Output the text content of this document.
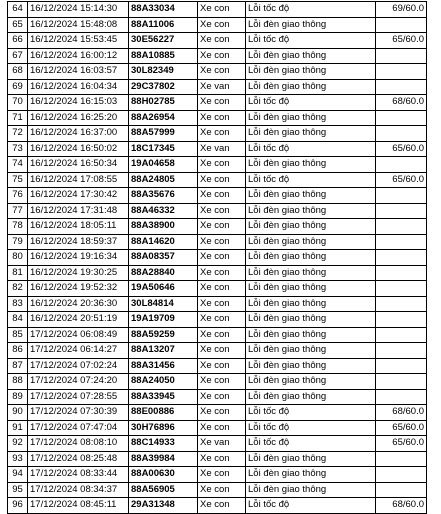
64	16/12/2024 15:14:30	88A33034	Xe con	Lỗi tốc độ	69/60.0
65	16/12/2024 15:48:08	88A11006	Xe con	Lỗi đèn giao thông	
66	16/12/2024 15:53:45	30E56227	Xe con	Lỗi tốc độ	65/60.0
67	16/12/2024 16:00:12	88A10885	Xe con	Lỗi đèn giao thông	
68	16/12/2024 16:03:57	30L82349	Xe con	Lỗi đèn giao thông	
69	16/12/2024 16:04:34	29C37802	Xe van	Lỗi đèn giao thông	
70	16/12/2024 16:15:03	88H02785	Xe con	Lỗi tốc độ	68/60.0
71	16/12/2024 16:25:20	88A26954	Xe con	Lỗi đèn giao thông	
72	16/12/2024 16:37:00	88A57999	Xe con	Lỗi đèn giao thông	
73	16/12/2024 16:50:02	18C17345	Xe van	Lỗi tốc độ	65/60.0
74	16/12/2024 16:50:34	19A04658	Xe con	Lỗi đèn giao thông	
75	16/12/2024 17:08:55	88A24805	Xe con	Lỗi tốc độ	65/60.0
76	16/12/2024 17:30:42	88A35676	Xe con	Lỗi đèn giao thông	
77	16/12/2024 17:31:48	88A46332	Xe con	Lỗi đèn giao thông	
78	16/12/2024 18:05:11	88A38900	Xe con	Lỗi đèn giao thông	
79	16/12/2024 18:59:37	88A14620	Xe con	Lỗi đèn giao thông	
80	16/12/2024 19:16:34	88A08357	Xe con	Lỗi đèn giao thông	
81	16/12/2024 19:30:25	88A28840	Xe con	Lỗi đèn giao thông	
82	16/12/2024 19:52:32	19A50646	Xe con	Lỗi đèn giao thông	
83	16/12/2024 20:36:30	30L84814	Xe con	Lỗi đèn giao thông	
84	16/12/2024 20:51:19	19A19709	Xe con	Lỗi đèn giao thông	
85	17/12/2024 06:08:49	88A59259	Xe con	Lỗi đèn giao thông	
86	17/12/2024 06:14:27	88A13207	Xe con	Lỗi đèn giao thông	
87	17/12/2024 07:02:24	88A31456	Xe con	Lỗi đèn giao thông	
88	17/12/2024 07:24:20	88A24050	Xe con	Lỗi đèn giao thông	
89	17/12/2024 07:28:55	88A33945	Xe con	Lỗi đèn giao thông	
90	17/12/2024 07:30:39	88E00886	Xe con	Lỗi tốc độ	68/60.0
91	17/12/2024 07:47:04	30H76896	Xe con	Lỗi tốc độ	65/60.0
92	17/12/2024 08:08:10	88C14933	Xe van	Lỗi tốc độ	65/60.0
93	17/12/2024 08:25:48	88A39984	Xe con	Lỗi đèn giao thông	
94	17/12/2024 08:33:44	88A00630	Xe con	Lỗi đèn giao thông	
95	17/12/2024 08:34:37	88A56905	Xe con	Lỗi đèn giao thông	
96	17/12/2024 08:45:11	29A31348	Xe con	Lỗi tốc độ	68/60.0
